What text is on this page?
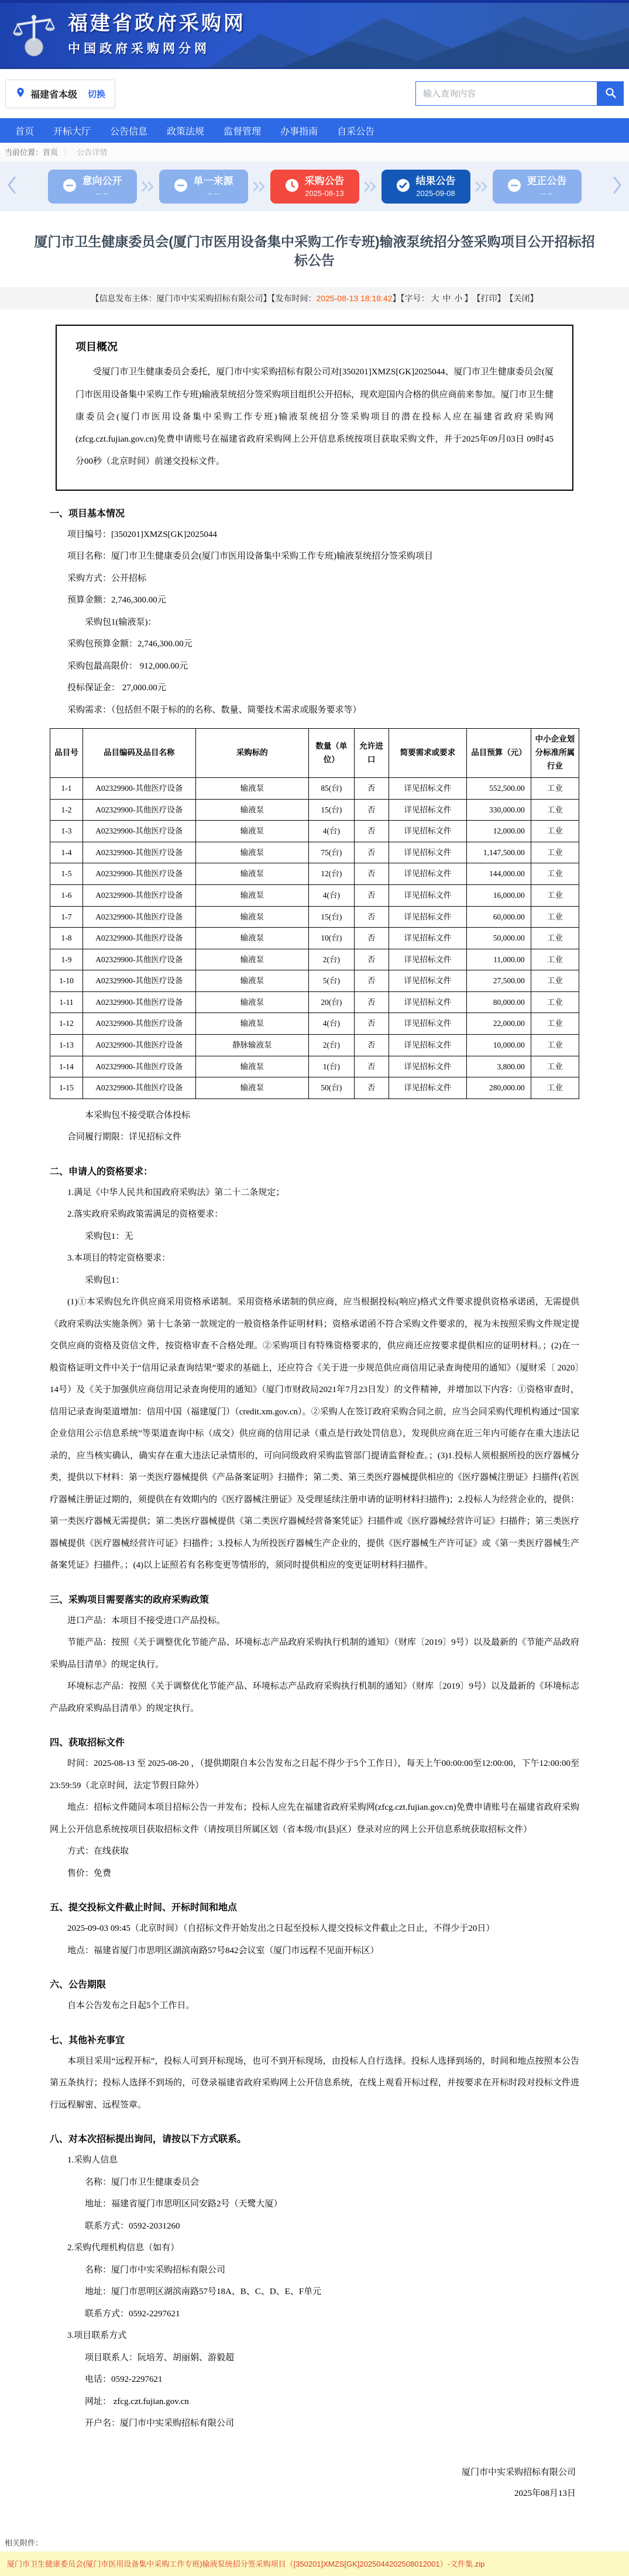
福建省政府采购网
中国政府采购网分网
福建省本级 切换
输入查询内容
首页 开标大厅 公告信息 政策法规 监督管理 办事指南 自采公告
当前位置：首页 〉 公告详情
意向公开
-- --
单一来源
-- --
采购公告
2025-08-13
结果公告
2025-09-08
更正公告
-- --
厦门市卫生健康委员会(厦门市医用设备集中采购工作专班)输液泵统招分签采购项目公开招标招标公告
【信息发布主体：厦门市中实采购招标有限公司】【发布时间： 2025-08-13 18:18:42 】【字号： 大 中 小 】 【打印】 【关闭】
项目概况

受厦门市卫生健康委员会委托，厦门市中实采购招标有限公司对[350201]XMZS[GK]2025044、厦门市卫生健康委员会(厦门市医用设备集中采购工作专班)输液泵统招分签采购项目组织公开招标，现欢迎国内合格的供应商前来参加。厦门市卫生健康委员会(厦门市医用设备集中采购工作专班)输液泵统招分签采购项目的潜在投标人应在福建省政府采购网(zfcg.czt.fujian.gov.cn)免费申请账号在福建省政府采购网上公开信息系统按项目获取采购文件，并于2025年09月03日 09时45分00秒（北京时间）前递交投标文件。

一、项目基本情况

项目编号：[350201]XMZS[GK]2025044

项目名称：厦门市卫生健康委员会(厦门市医用设备集中采购工作专班)输液泵统招分签采购项目

采购方式：公开招标

预算金额：2,746,300.00元

采购包1(输液泵)：

采购包预算金额：2,746,300.00元

采购包最高限价： 912,000.00元

投标保证金： 27,000.00元

采购需求：（包括但不限于标的的名称、数量、简要技术需求或服务要求等）

品目号	品目编码及品目名称	采购标的	数量（单位）	允许进口	简要需求或要求	品目预算（元）	中小企业划分标准所属行业
1-1	A02329900-其他医疗设备	输液泵	85(台)	否	详见招标文件	552,500.00	工业
1-2	A02329900-其他医疗设备	输液泵	15(台)	否	详见招标文件	330,000.00	工业
1-3	A02329900-其他医疗设备	输液泵	4(台)	否	详见招标文件	12,000.00	工业
1-4	A02329900-其他医疗设备	输液泵	75(台)	否	详见招标文件	1,147,500.00	工业
1-5	A02329900-其他医疗设备	输液泵	12(台)	否	详见招标文件	144,000.00	工业
1-6	A02329900-其他医疗设备	输液泵	4(台)	否	详见招标文件	16,000.00	工业
1-7	A02329900-其他医疗设备	输液泵	15(台)	否	详见招标文件	60,000.00	工业
1-8	A02329900-其他医疗设备	输液泵	10(台)	否	详见招标文件	50,000.00	工业
1-9	A02329900-其他医疗设备	输液泵	2(台)	否	详见招标文件	11,000.00	工业
1-10	A02329900-其他医疗设备	输液泵	5(台)	否	详见招标文件	27,500.00	工业
1-11	A02329900-其他医疗设备	输液泵	20(台)	否	详见招标文件	80,000.00	工业
1-12	A02329900-其他医疗设备	输液泵	4(台)	否	详见招标文件	22,000.00	工业
1-13	A02329900-其他医疗设备	静脉输液泵	2(台)	否	详见招标文件	10,000.00	工业
1-14	A02329900-其他医疗设备	输液泵	1(台)	否	详见招标文件	3,800.00	工业
1-15	A02329900-其他医疗设备	输液泵	50(台)	否	详见招标文件	280,000.00	工业

本采购包不接受联合体投标

合同履行期限：详见招标文件

二、申请人的资格要求：

1.满足《中华人民共和国政府采购法》第二十二条规定；

2.落实政府采购政策需满足的资格要求：

采购包1：无

3.本项目的特定资格要求：

采购包1：

(1)①本采购包允许供应商采用资格承诺制。采用资格承诺制的供应商，应当根据投标(响应)格式文件要求提供资格承诺函，无需提供《政府采购法实施条例》第十七条第一款规定的一般资格条件证明材料；资格承诺函不符合采购文件要求的，视为未按照采购文件规定提交供应商的资格及资信文件，按资格审查不合格处理。②采购项目有特殊资格要求的，供应商还应按要求提供相应的证明材料。；(2)在一般资格证明文件中关于“信用记录查询结果”要求的基础上，还应符合《关于进一步规范供应商信用记录查询使用的通知》（厦财采〔 2020〕14号）及《关于加强供应商信用记录查询使用的通知》（厦门市财政局2021年7月23日发）的文件精神，并增加以下内容：①资格审查时，信用记录查询渠道增加：信用中国（福建厦门）（credit.xm.gov.cn）。②采购人在签订政府采购合同之前，应当会同采购代理机构通过“国家企业信用公示信息系统”等渠道查询中标（成交）供应商的信用记录（重点是行政处罚信息），发现供应商在近三年内可能存在重大违法记录的，应当核实确认，确实存在重大违法记录情形的，可向同级政府采购监管部门提请监督检查。；(3)1.投标人须根据所投的医疗器械分类，提供以下材料：第一类医疗器械提供《产品备案证明》扫描件；第二类、第三类医疗器械提供相应的《医疗器械注册证》扫描件(若医疗器械注册证过期的，须提供在有效期内的《医疗器械注册证》及受理延续注册申请的证明材料扫描件)；2.投标人为经营企业的，提供：第一类医疗器械无需提供；第二类医疗器械提供《第二类医疗器械经营备案凭证》扫描件或《医疗器械经营许可证》扫描件；第三类医疗器械提供《医疗器械经营许可证》扫描件；3.投标人为所投医疗器械生产企业的，提供《医疗器械生产许可证》或《第一类医疗器械生产备案凭证》扫描件。；(4)以上证照若有名称变更等情形的，须同时提供相应的变更证明材料扫描件。

三、采购项目需要落实的政府采购政策

进口产品：本项目不接受进口产品投标。

节能产品：按照《关于调整优化节能产品、环境标志产品政府采购执行机制的通知》（财库〔2019〕9号）以及最新的《节能产品政府采购品目清单》的规定执行。

环境标志产品：按照《关于调整优化节能产品、环境标志产品政府采购执行机制的通知》（财库〔2019〕9号）以及最新的《环境标志产品政府采购品目清单》的规定执行。

四、获取招标文件

时间：2025-08-13 至 2025-08-20 ，（提供期限自本公告发布之日起不得少于5个工作日），每天上午00:00:00至12:00:00，下午12:00:00至23:59:59（北京时间，法定节假日除外）

地点：招标文件随同本项目招标公告一并发布；投标人应先在福建省政府采购网(zfcg.czt.fujian.gov.cn)免费申请账号在福建省政府采购网上公开信息系统按项目获取招标文件（请按项目所属区划（省本级/市(县)区）登录对应的网上公开信息系统获取招标文件）

方式：在线获取

售价：免费

五、提交投标文件截止时间、开标时间和地点

2025-09-03 09:45（北京时间）（自招标文件开始发出之日起至投标人提交投标文件截止之日止，不得少于20日）

地点：福建省厦门市思明区湖滨南路57号842会议室（厦门市远程不见面开标区）

六、公告期限

自本公告发布之日起5个工作日。

七、其他补充事宜

本项目采用“远程开标”，投标人可到开标现场，也可不到开标现场，由投标人自行选择。投标人选择到场的，时间和地点按照本公告第五条执行；投标人选择不到场的，可登录福建省政府采购网上公开信息系统，在线上观看开标过程，并按要求在开标时段对投标文件进行远程解密、远程签章。

八、对本次招标提出询问，请按以下方式联系。

1.采购人信息

名称：厦门市卫生健康委员会

地址：福建省厦门市思明区同安路2号（天鹭大厦）

联系方式：0592-2031260

2.采购代理机构信息（如有）

名称：厦门市中实采购招标有限公司

地址：厦门市思明区湖滨南路57号18A、B、C、D、E、F单元

联系方式：0592-2297621

3.项目联系方式

项目联系人：阮培芳、胡丽娟、游毅超

电话：0592-2297621

网址： zfcg.czt.fujian.gov.cn

开户名：厦门市中实采购招标有限公司

厦门市中实采购招标有限公司
2025年08月13日
相关附件：
厦门市卫生健康委员会(厦门市医用设备集中采购工作专班)输液泵统招分签采购项目（[350201]XMZS[GK]2025044202508012001）-文件集.zip
